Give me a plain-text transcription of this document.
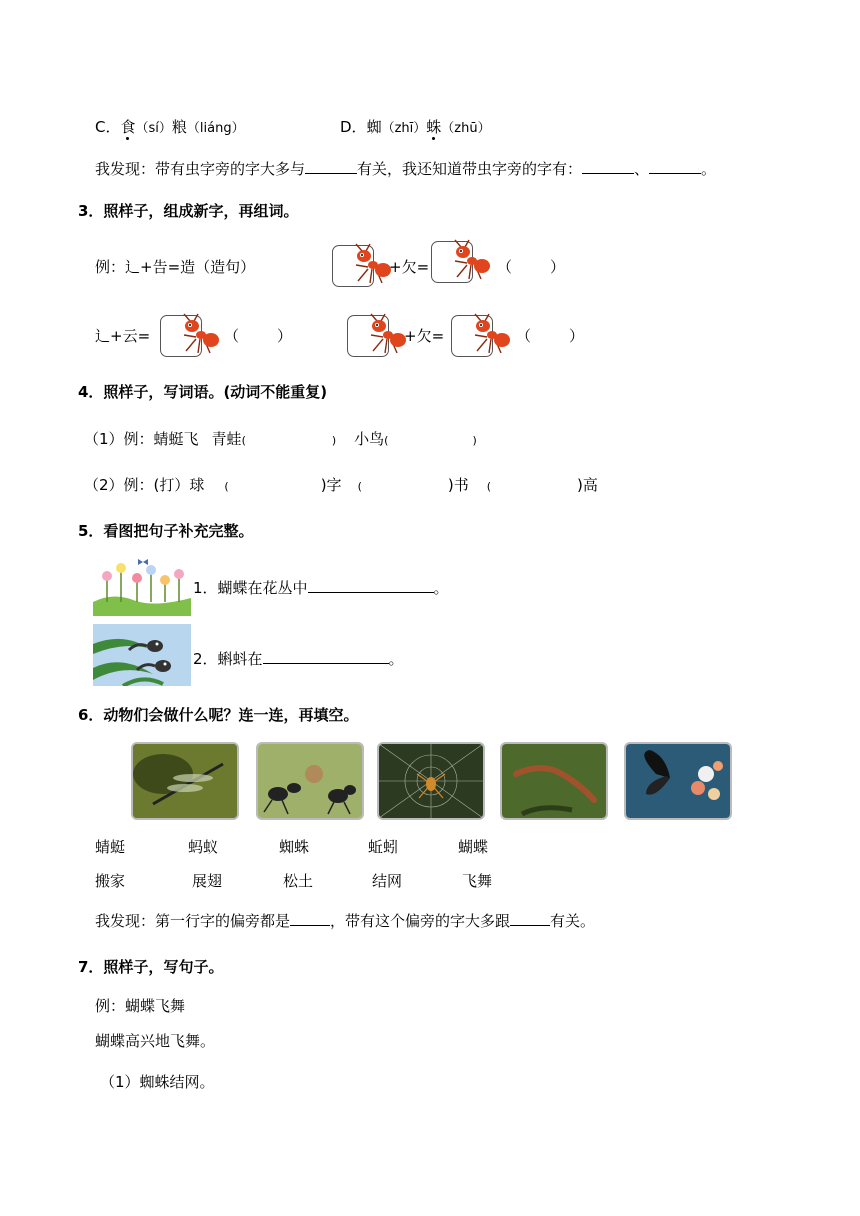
C．食（sí）粮（liáng）	D．蜘（zhī）蛛（zhū）
我发现：带有虫字旁的字大多与	有关，我还知道带虫字旁的字有：	、	。
3．照样子，组成新字，再组词。
例：辶+告=造（造句）	+欠=	（	）
辶+云=	（	）	+欠=	（	）
4．照样子，写词语。(动词不能重复)
（1）例：蜻蜓飞 青蛙(	) 小鸟(	)
（2）例：(打）球 (	)字 (	)书 (	)高
5．看图把句子补充完整。
1．蝴蝶在花丛中	。
2．蝌蚪在	。
6．动物们会做什么呢？连一连，再填空。
蜻蜓	蚂蚁	蜘蛛	蚯蚓	蝴蝶
搬家	展翅	松土	结网	飞舞
我发现：第一行字的偏旁都是	，带有这个偏旁的字大多跟	有关。
7．照样子，写句子。
例：蝴蝶飞舞
蝴蝶高兴地飞舞。
（1）蜘蛛结网。
